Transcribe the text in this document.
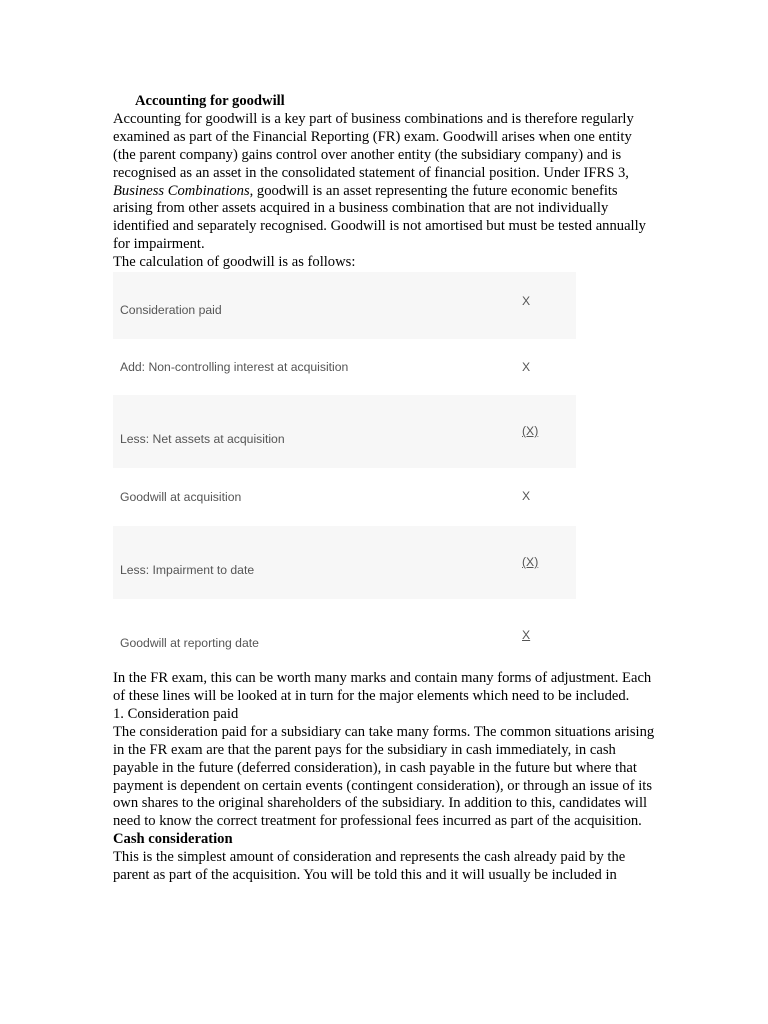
Accounting for goodwill

Accounting for goodwill is a key part of business combinations and is therefore regularly examined as part of the Financial Reporting (FR) exam. Goodwill arises when one entity (the parent company) gains control over another entity (the subsidiary company) and is recognised as an asset in the consolidated statement of financial position. Under IFRS 3, Business Combinations, goodwill is an asset representing the future economic benefits arising from other assets acquired in a business combination that are not individually identified and separately recognised. Goodwill is not amortised but must be tested annually for impairment.

The calculation of goodwill is as follows:

Consideration paid
X
Add: Non-controlling interest at acquisition	X
Less: Net assets at acquisition
(X)
Goodwill at acquisition	X
Less: Impairment to date
(X)
Goodwill at reporting date
X

In the FR exam, this can be worth many marks and contain many forms of adjustment. Each of these lines will be looked at in turn for the major elements which need to be included.

1. Consideration paid

The consideration paid for a subsidiary can take many forms. The common situations arising in the FR exam are that the parent pays for the subsidiary in cash immediately, in cash payable in the future (deferred consideration), in cash payable in the future but where that payment is dependent on certain events (contingent consideration), or through an issue of its own shares to the original shareholders of the subsidiary. In addition to this, candidates will need to know the correct treatment for professional fees incurred as part of the acquisition.

Cash consideration

This is the simplest amount of consideration and represents the cash already paid by the parent as part of the acquisition. You will be told this and it will usually be included in
